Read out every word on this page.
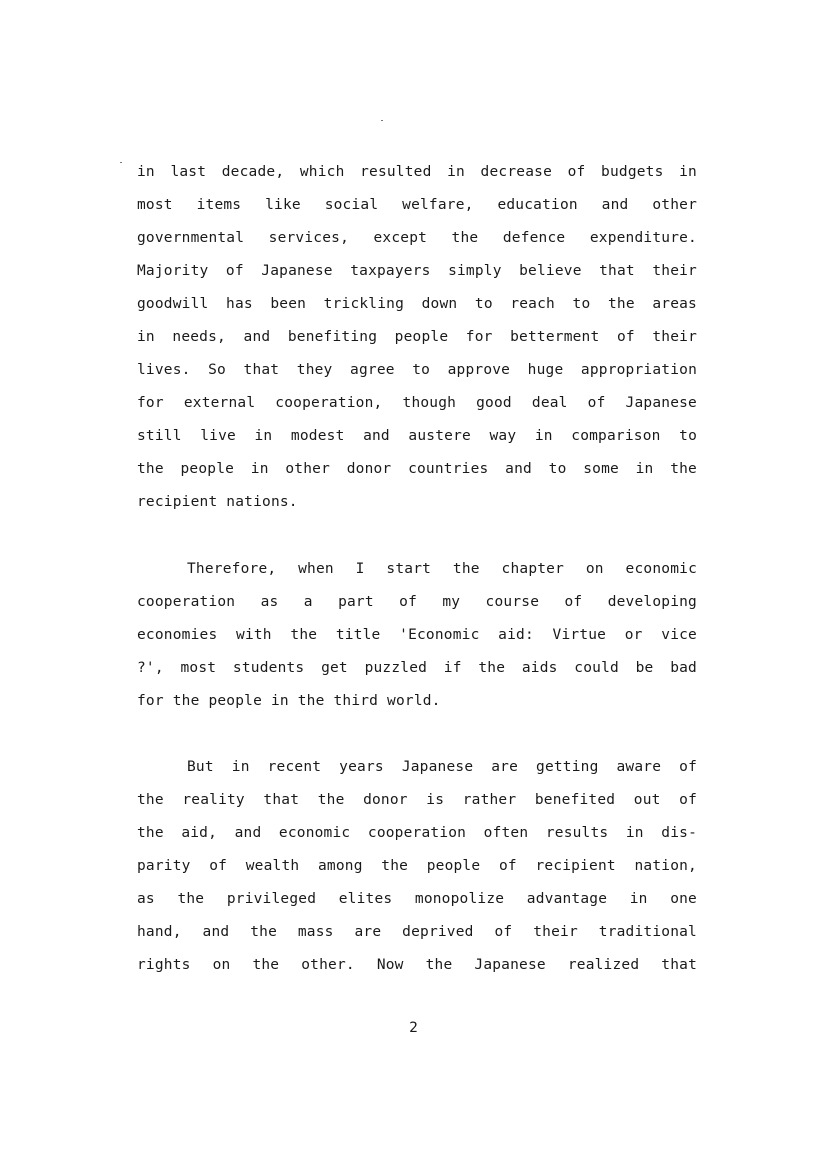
in last decade, which resulted in decrease of budgets in
most items like social welfare, education and other
governmental services, except the defence expenditure.
Majority of Japanese taxpayers simply believe that their
goodwill has been trickling down to reach to the areas
in needs, and benefiting people for betterment of their
lives. So that they agree to approve huge appropriation
for external cooperation, though good deal of Japanese
still live in modest and austere way in comparison to
the people in other donor countries and to some in the
recipient nations.
Therefore, when I start the chapter on economic
cooperation as a part of my course of developing
economies with the title 'Economic aid: Virtue or vice
?', most students get puzzled if the aids could be bad
for the people in the third world.
But in recent years Japanese are getting aware of
the reality that the donor is rather benefited out of
the aid, and economic cooperation often results in dis-
parity of wealth among the people of recipient nation,
as the privileged elites monopolize advantage in one
hand, and the mass are deprived of their traditional
rights on the other. Now the Japanese realized that
2
